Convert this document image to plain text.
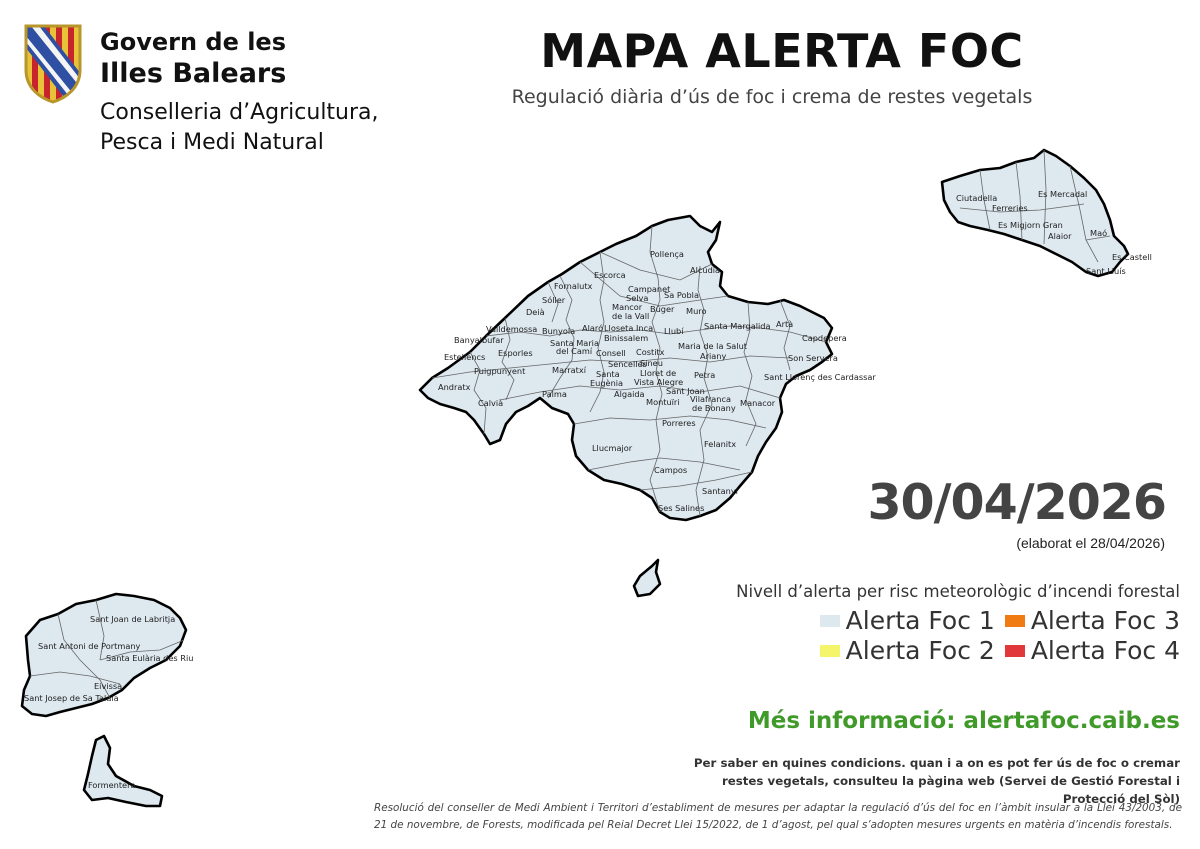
Govern de les
Illes Balears
Conselleria d’Agricultura,
Pesca i Medi Natural
MAPA ALERTA FOC
Regulació diària d’ús de foc i crema de restes vegetals
Pollença
Alcúdia
Escorca
Fornalutx	Campanet
Sóller	Selva Sa Pobla
Mancor
de la Vall
Búger Muro
Deià
Valldemossa Bunyola Alaró Lloseta Inca Llubí	Santa Margalida Artà
Capdepera
Banyalbufar	Santa Maria
del Camí
Binissalem
Consell Costitx
Maria de la Salut
Ariany	Son Servera
Estellencs Esporles
Sencelles
Sineu
Puigpunyent	Marratxí Santa
Eugènia
Lloret de
Vista Alegre
Petra	Sant Llorenç des Cardassar
Andratx
Palma	Algaida
Montuïri
Sant Joan
Vilafranca
de Bonany Manacor
Calvià
Porreres
Llucmajor	Felanitx
Campos
Santanyí
Ses Salines
Ciutadella	Es Mercadal
Ferreries
Es Migjorn Gran
Alaior Maó
Es Castell
Sant Lluís
Sant Joan de Labritja
Sant Antoni de Portmany
Santa Eulària des Riu
Eivissa
Sant Josep de Sa Talaia
Formentera
30/04/2026
(elaborat el 28/04/2026)
Nivell d’alerta per risc meteorològic d’incendi forestal
Alerta Foc 1 Alerta Foc 3
Alerta Foc 2 Alerta Foc 4
Més informació: alertafoc.caib.es
Per saber en quines condicions. quan i a on es pot fer ús de foc o cremar restes vegetals, consulteu la pàgina web (Servei de Gestió Forestal i Protecció del Sòl)
Resolució del conseller de Medi Ambient i Territori d’establiment de mesures per adaptar la regulació d’ús del foc en l’àmbit insular a la Llei 43/2003, de 21 de novembre, de Forests, modificada pel Reial Decret Llei 15/2022, de 1 d’agost, pel qual s’adopten mesures urgents en matèria d’incendis forestals.
